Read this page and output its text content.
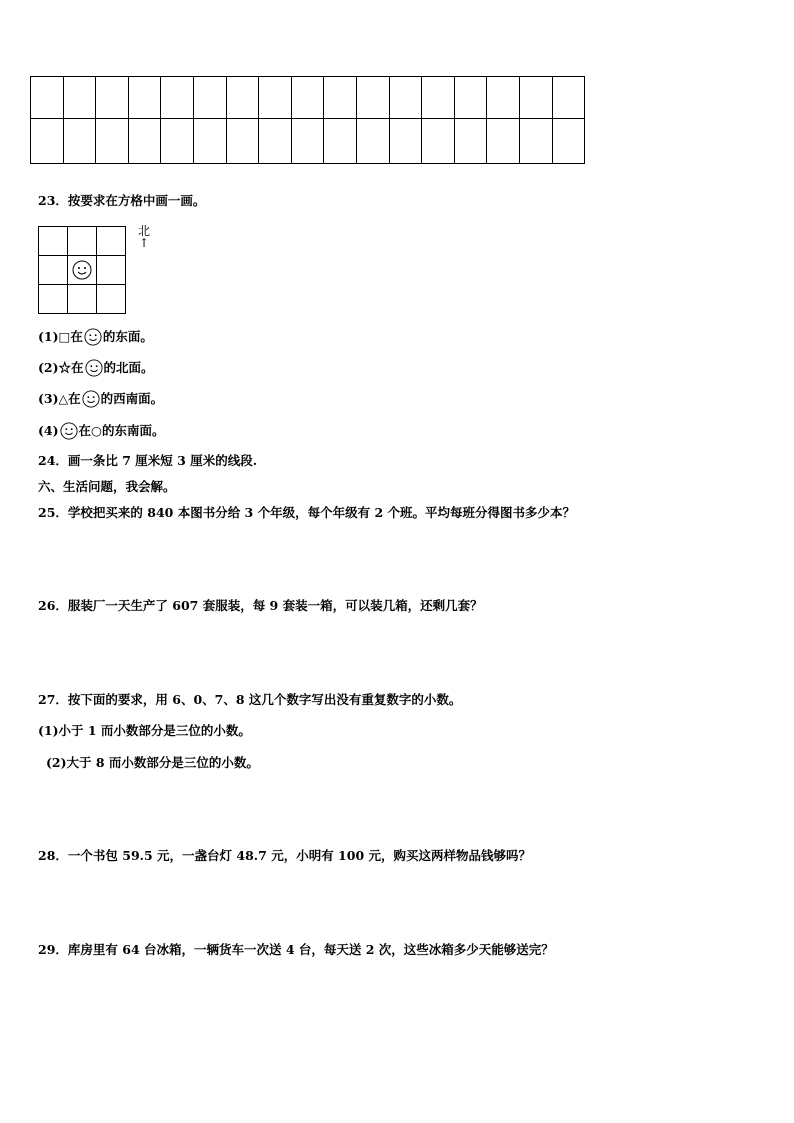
23．按要求在方格中画一画。

北
↑
(1)□在 的东面。
(2)☆在 的北面。
(3)△在 的西南面。
(4) 在○的东南面。
24．画一条比 7 厘米短 3 厘米的线段.
六、生活问题，我会解。
25．学校把买来的 840 本图书分给 3 个年级，每个年级有 2 个班。平均每班分得图书多少本？
26．服装厂一天生产了 607 套服装，每 9 套装一箱，可以装几箱，还剩几套？
27．按下面的要求，用 6、0、7、8 这几个数字写出没有重复数字的小数。
(1)小于 1 而小数部分是三位的小数。
(2)大于 8 而小数部分是三位的小数。
28．一个书包 59.5 元，一盏台灯 48.7 元，小明有 100 元，购买这两样物品钱够吗？
29．库房里有 64 台冰箱，一辆货车一次送 4 台，每天送 2 次，这些冰箱多少天能够送完？
